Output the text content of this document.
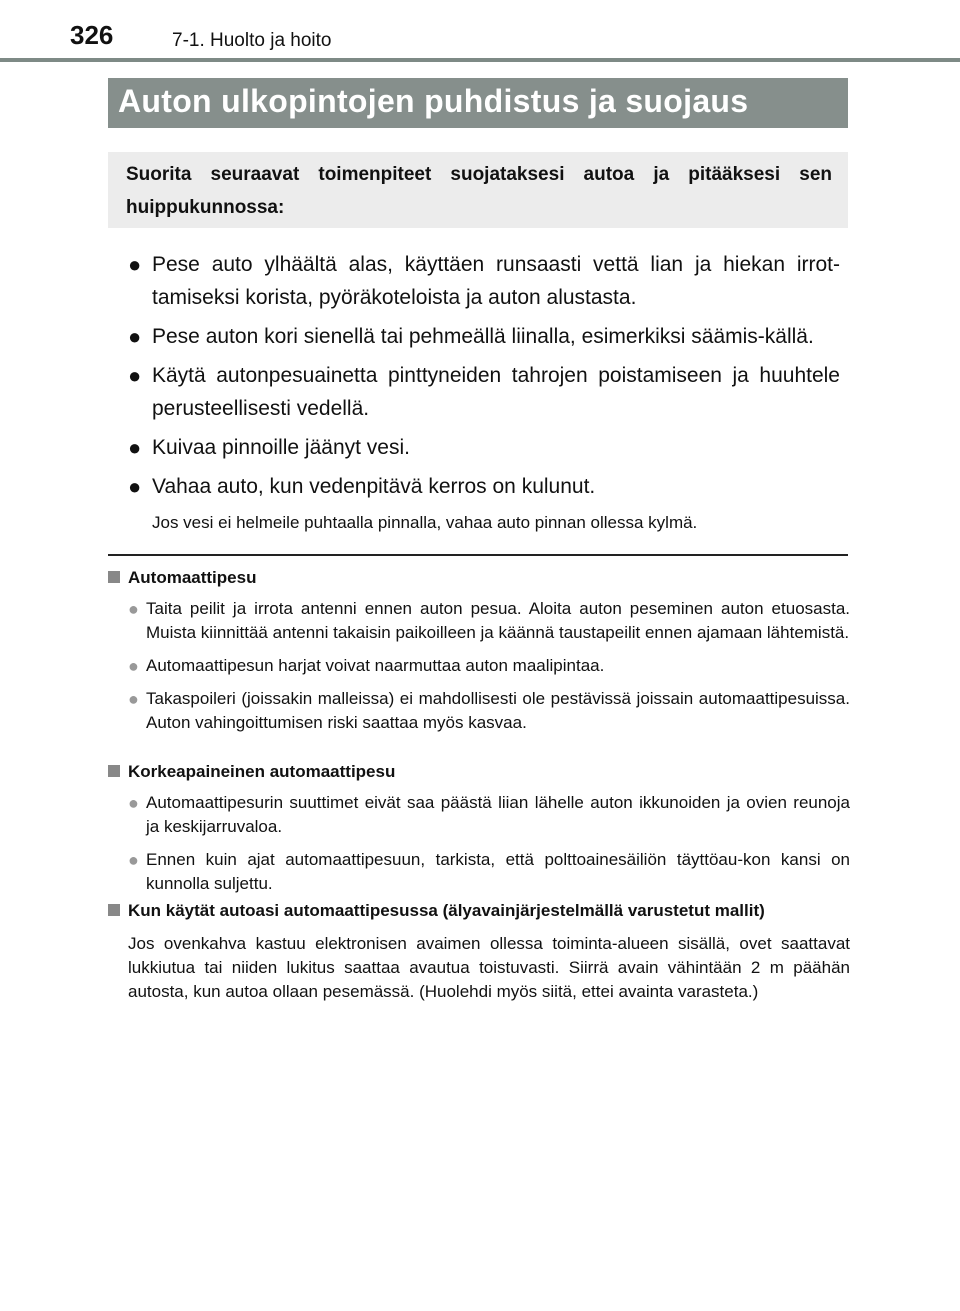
326	7-1. Huolto ja hoito
Auton ulkopintojen puhdistus ja suojaus

Suorita seuraavat toimenpiteet suojataksesi autoa ja pitääksesi sen huippukunnossa:

● Pese auto ylhäältä alas, käyttäen runsaasti vettä lian ja hiekan irrot-tamiseksi korista, pyöräkoteloista ja auton alustasta.
● Pese auton kori sienellä tai pehmeällä liinalla, esimerkiksi säämis-källä.
● Käytä autonpesuainetta pinttyneiden tahrojen poistamiseen ja huuhtele perusteellisesti vedellä.
● Kuivaa pinnoille jäänyt vesi.
● Vahaa auto, kun vedenpitävä kerros on kulunut.
Jos vesi ei helmeile puhtaalla pinnalla, vahaa auto pinnan ollessa kylmä.
Automaattipesu
● Taita peilit ja irrota antenni ennen auton pesua. Aloita auton peseminen auton etuosasta. Muista kiinnittää antenni takaisin paikoilleen ja käännä taustapeilit ennen ajamaan lähtemistä.
● Automaattipesun harjat voivat naarmuttaa auton maalipintaa.
● Takaspoileri (joissakin malleissa) ei mahdollisesti ole pestävissä joissain automaattipesuissa. Auton vahingoittumisen riski saattaa myös kasvaa.
Korkeapaineinen automaattipesu
● Automaattipesurin suuttimet eivät saa päästä liian lähelle auton ikkunoiden ja ovien reunoja ja keskijarruvaloa.
● Ennen kuin ajat automaattipesuun, tarkista, että polttoainesäiliön täyttöau-kon kansi on kunnolla suljettu.
Kun käytät autoasi automaattipesussa (älyavainjärjestelmällä varustetut mallit)
Jos ovenkahva kastuu elektronisen avaimen ollessa toiminta-alueen sisällä, ovet saattavat lukkiutua tai niiden lukitus saattaa avautua toistuvasti. Siirrä avain vähintään 2 m päähän autosta, kun autoa ollaan pesemässä. (Huolehdi myös siitä, ettei avainta varasteta.)
